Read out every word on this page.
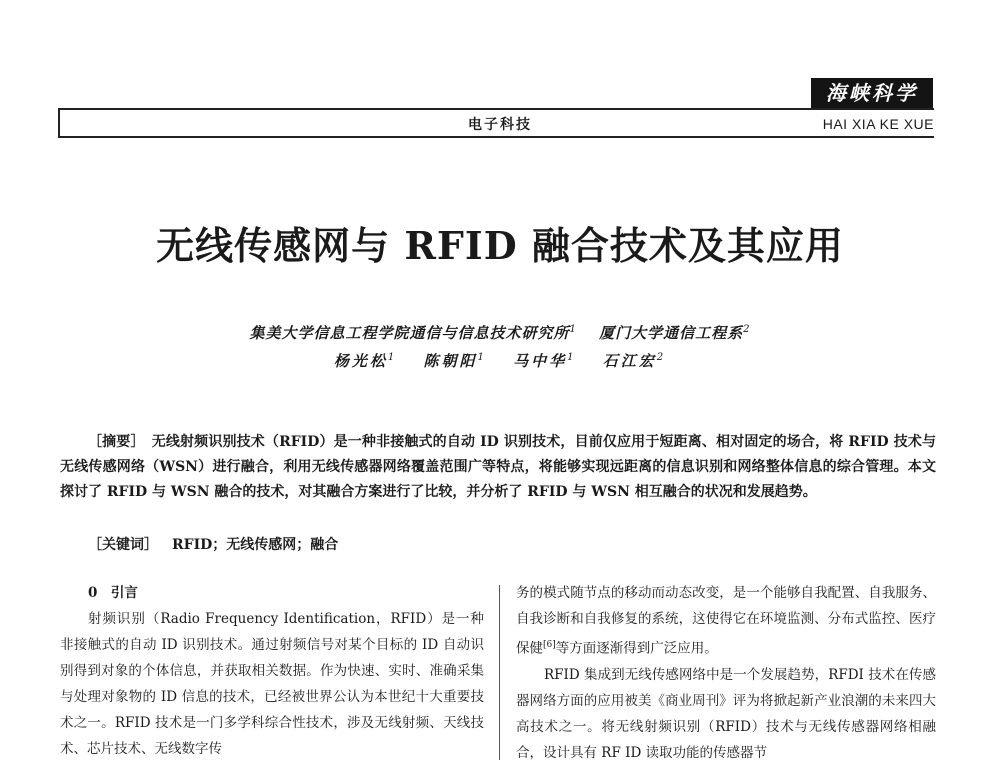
海峡科学
电子科技	HAI XIA KE XUE
无线传感网与 RFID 融合技术及其应用
集美大学信息工程学院通信与信息技术研究所$^1$  厦门大学通信工程系$^2$
杨光松$^1$  陈朝阳$^1$  马中华$^1$  石江宏$^2$
［摘要］  无线射频识别技术（RFID）是一种非接触式的自动 ID 识别技术，目前仅应用于短距离、相对固定的场合，将 RFID 技术与无线传感网络（WSN）进行融合，利用无线传感器网络覆盖范围广等特点，将能够实现远距离的信息识别和网络整体信息的综合管理。本文探讨了 RFID 与 WSN 融合的技术，对其融合方案进行了比较，并分析了 RFID 与 WSN 相互融合的状况和发展趋势。
［关键词］  RFID；无线传感网；融合
0　引言
射频识别（Radio Frequency Identification，RFID）是一种非接触式的自动 ID 识别技术。通过射频信号对某个目标的 ID 自动识别得到对象的个体信息，并获取相关数据。作为快速、实时、准确采集与处理对象物的 ID 信息的技术，已经被世界公认为本世纪十大重要技术之一。RFID 技术是一门多学科综合性技术，涉及无线射频、天线技术、芯片技术、无线数字传
务的模式随节点的移动而动态改变，是一个能够自我配置、自我服务、自我诊断和自我修复的系统，这使得它在环境监测、分布式监控、医疗保健[6]等方面逐渐得到广泛应用。
RFID 集成到无线传感网络中是一个发展趋势，RFDI 技术在传感器网络方面的应用被美《商业周刊》评为将掀起新产业浪潮的未来四大高技术之一。将无线射频识别（RFID）技术与无线传感器网络相融合，设计具有 RF ID 读取功能的传感器节
